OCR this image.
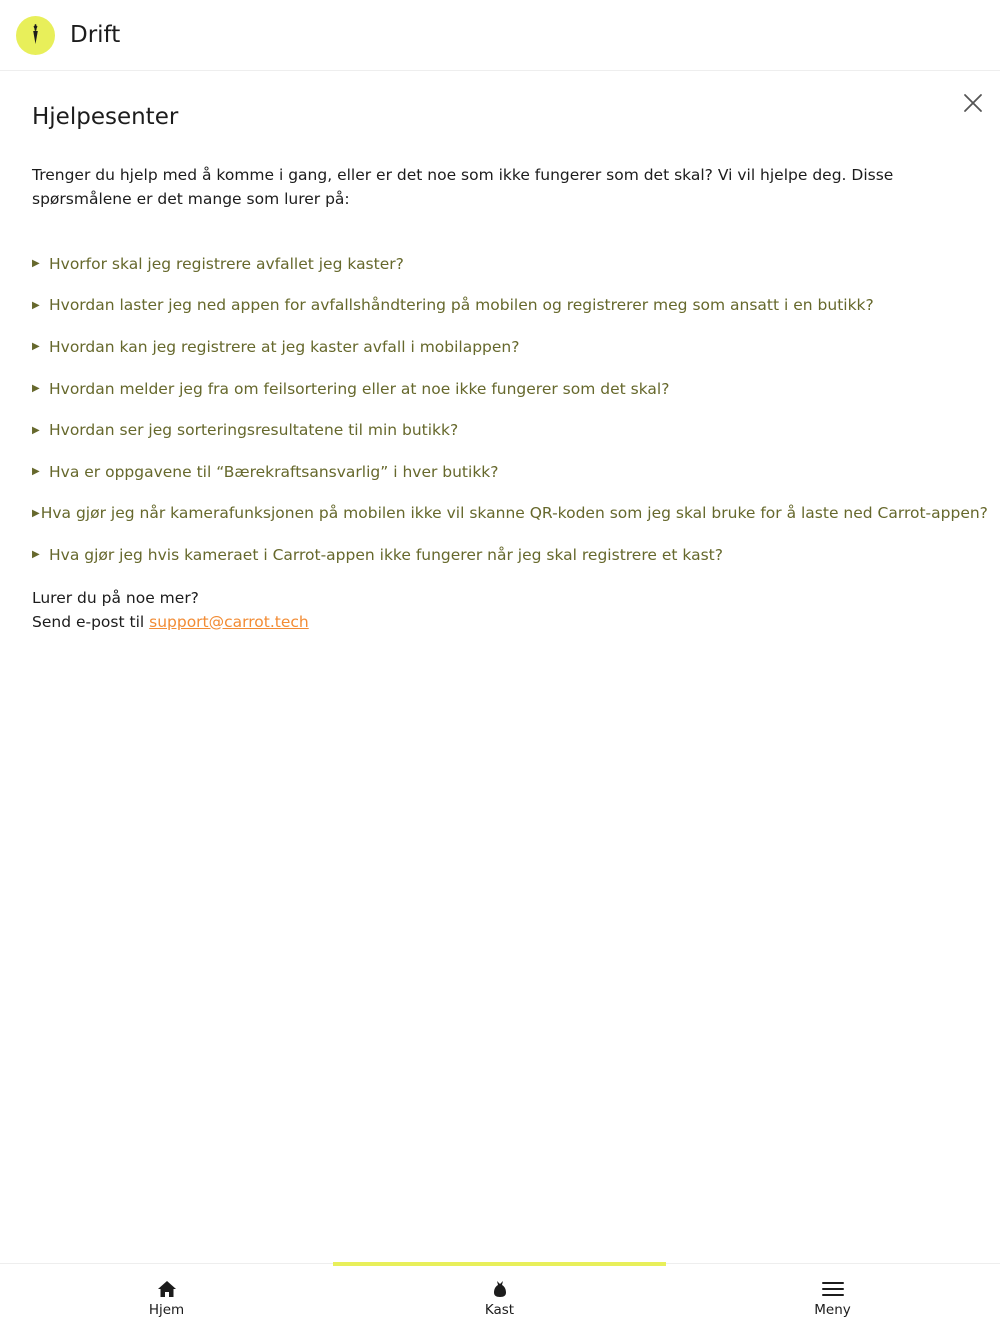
Drift
Hjelpesenter

Trenger du hjelp med å komme i gang, eller er det noe som ikke fungerer som det skal? Vi vil hjelpe deg. Disse spørsmålene er det mange som lurer på:

▶ Hvorfor skal jeg registrere avfallet jeg kaster?
▶ Hvordan laster jeg ned appen for avfallshåndtering på mobilen og registrerer meg som ansatt i en butikk?
▶ Hvordan kan jeg registrere at jeg kaster avfall i mobilappen?
▶ Hvordan melder jeg fra om feilsortering eller at noe ikke fungerer som det skal?
▶ Hvordan ser jeg sorteringsresultatene til min butikk?
▶ Hva er oppgavene til “Bærekraftsansvarlig” i hver butikk?
▶ Hva gjør jeg når kamerafunksjonen på mobilen ikke vil skanne QR-koden som jeg skal bruke for å laste ned Carrot-appen?
▶ Hva gjør jeg hvis kameraet i Carrot-appen ikke fungerer når jeg skal registrere et kast?
Lurer du på noe mer?
Send e-post til support@carrot.tech
Hjem	Kast	Meny
